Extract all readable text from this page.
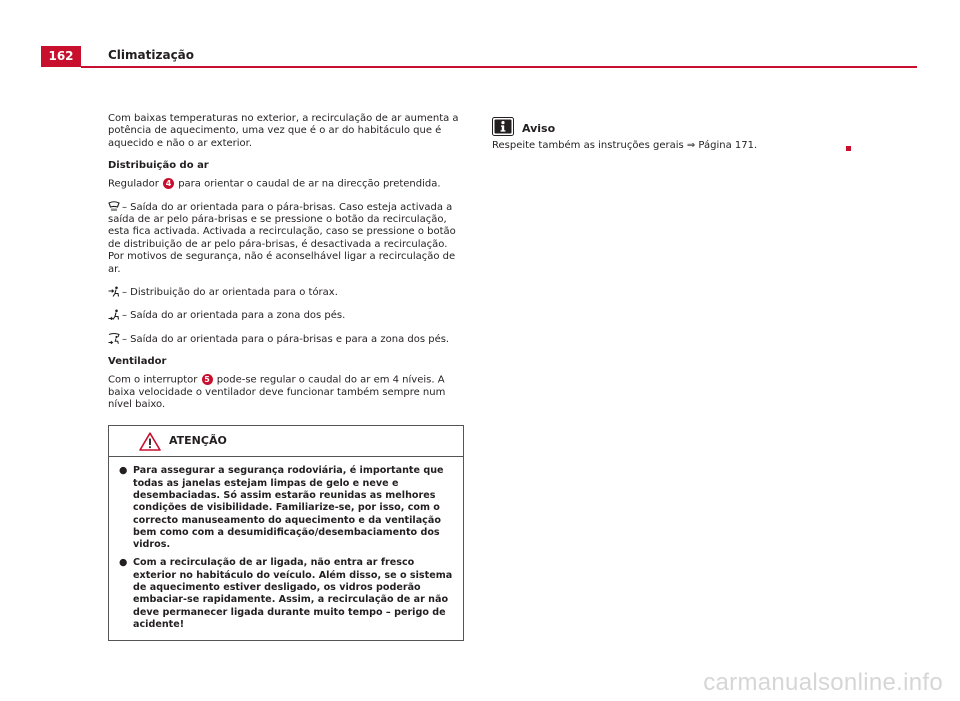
162	Climatização

Com baixas temperaturas no exterior, a recirculação de ar aumenta a potência de aquecimento, uma vez que é o ar do habitáculo que é aquecido e não o ar exterior.

Distribuição do ar

Regulador 4 para orientar o caudal de ar na direcção pretendida.

– Saída do ar orientada para o pára-brisas. Caso esteja activada a saída de ar pelo pára-brisas e se pressione o botão da recirculação, esta fica activada. Activada a recirculação, caso se pressione o botão de distribuição de ar pelo pára-brisas, é desactivada a recirculação. Por motivos de segurança, não é aconselhável ligar a recirculação de ar.

– Distribuição do ar orientada para o tórax.

– Saída do ar orientada para a zona dos pés.

– Saída do ar orientada para o pára-brisas e para a zona dos pés.

Ventilador

Com o interruptor 5 pode-se regular o caudal do ar em 4 níveis. A baixa velocidade o ventilador deve funcionar também sempre num nível baixo.

ATENÇÃO
● Para assegurar a segurança rodoviária, é importante que todas as janelas estejam limpas de gelo e neve e desembaciadas. Só assim estarão reunidas as melhores condições de visibilidade. Familiarize-se, por isso, com o correcto manuseamento do aquecimento e da ventilação bem como com a desumidificação/desembaciamento dos vidros.
● Com a recirculação de ar ligada, não entra ar fresco exterior no habitáculo do veículo. Além disso, se o sistema de aquecimento estiver desligado, os vidros poderão embaciar-se rapidamente. Assim, a recirculação de ar não deve permanecer ligada durante muito tempo – perigo de acidente!
Aviso
Respeite também as instruções gerais ⇒ Página 171.
carmanualsonline.info
